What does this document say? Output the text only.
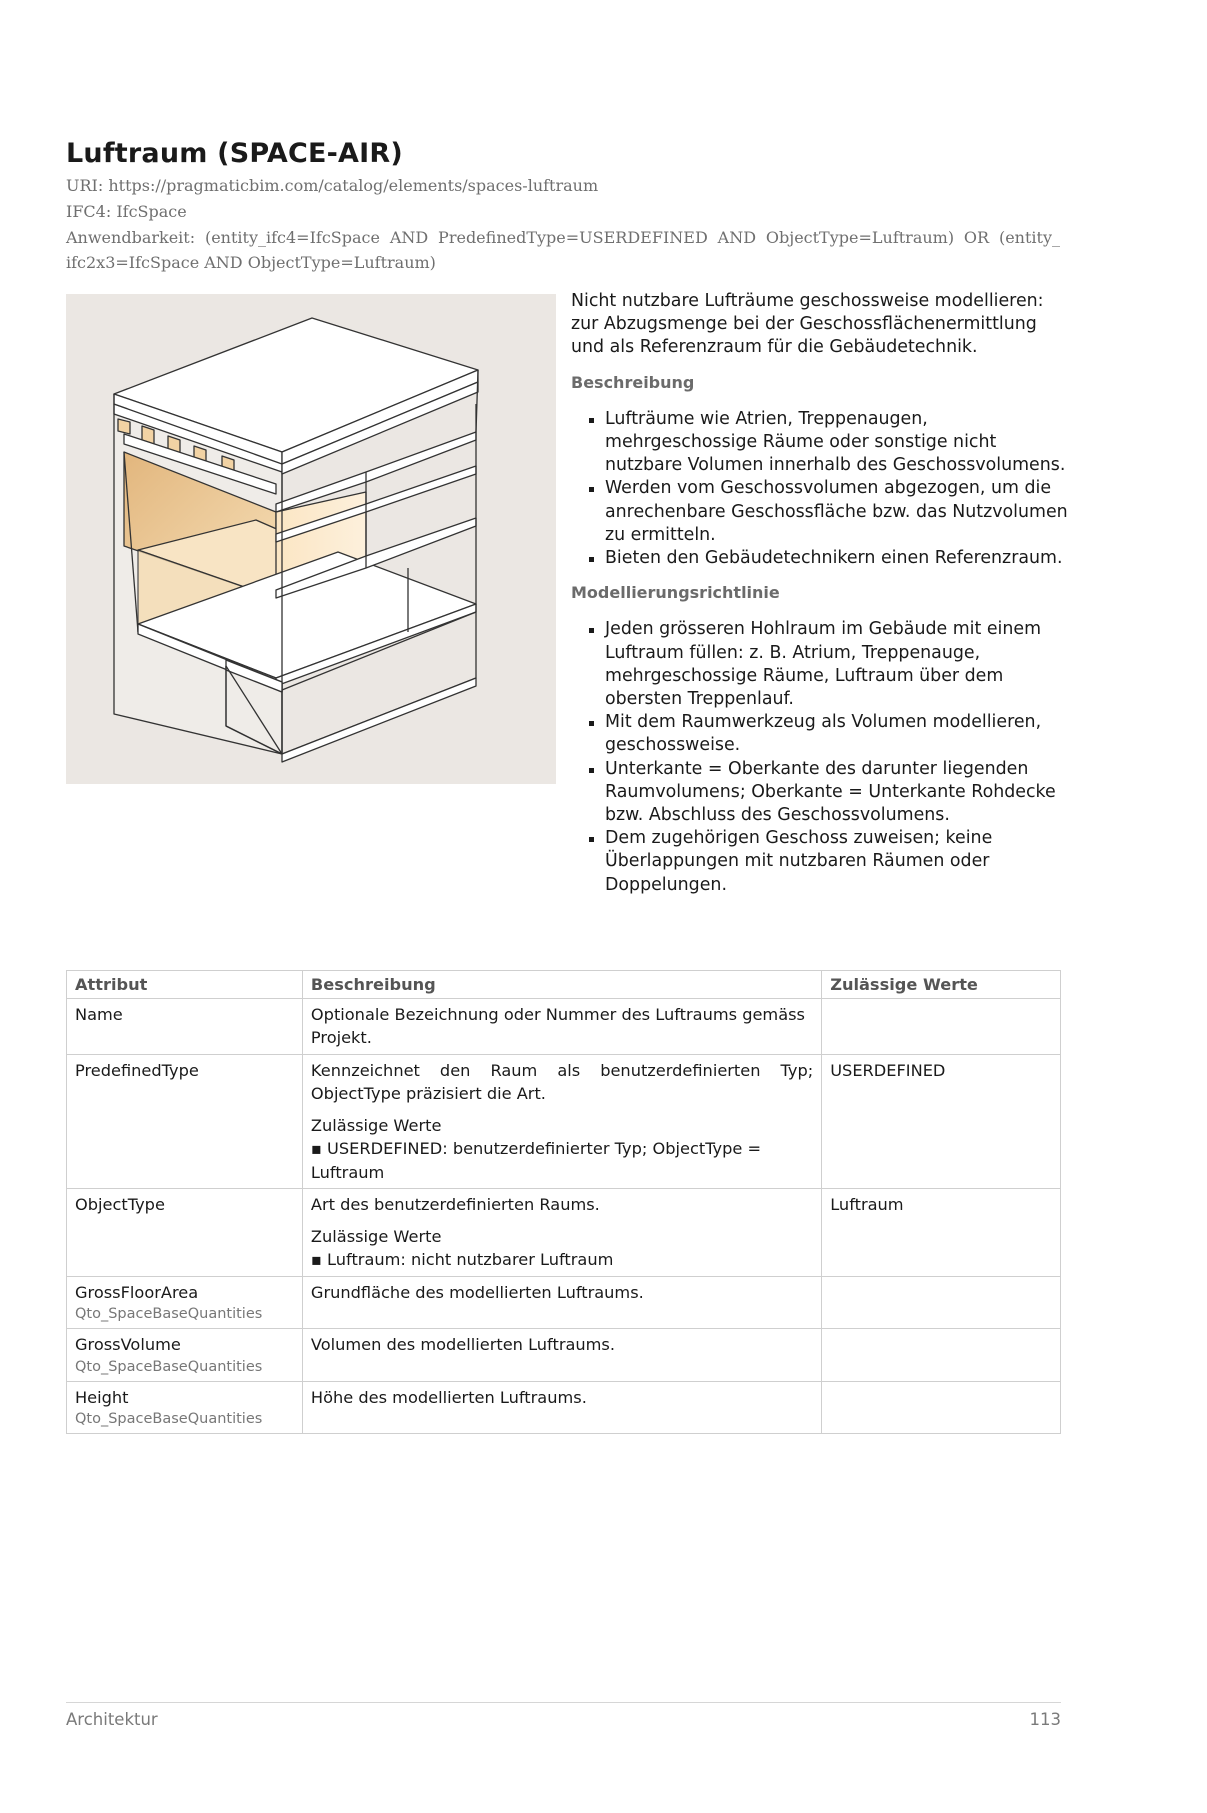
Luftraum (SPACE-AIR)
URI: https://pragmaticbim.com/catalog/elements/spaces-luftraum
IFC4: IfcSpace
Anwendbarkeit: (entity_ifc4=IfcSpace AND PredefinedType=USERDEFINED AND ObjectType=Luftraum) OR (entity_ ifc2x3=IfcSpace AND ObjectType=Luftraum)

Nicht nutzbare Lufträume geschossweise modellieren: zur Abzugsmenge bei der Geschossflächenermittlung und als Referenzraum für die Gebäudetechnik.

Beschreibung
Lufträume wie Atrien, Treppenaugen, mehrgeschossige Räume oder sonstige nicht nutzbare Volumen innerhalb des Geschossvolumens.
Werden vom Geschossvolumen abgezogen, um die anrechenbare Geschossfläche bzw. das Nutzvolumen zu ermitteln.
Bieten den Gebäudetechnikern einen Referenzraum.
Modellierungsrichtlinie
Jeden grösseren Hohlraum im Gebäude mit einem Luftraum füllen: z. B. Atrium, Treppenauge, mehrgeschossige Räume, Luftraum über dem obersten Treppenlauf.
Mit dem Raumwerkzeug als Volumen modellieren, geschossweise.
Unterkante = Oberkante des darunter liegenden Raumvolumens; Oberkante = Unterkante Rohdecke bzw. Abschluss des Geschossvolumens.
Dem zugehörigen Geschoss zuweisen; keine Überlappungen mit nutzbaren Räumen oder Doppelungen.
Attribut	Beschreibung	Zulässige Werte
Name	Optionale Bezeichnung oder Nummer des Luftraums gemäss Projekt.	
PredefinedType	Kennzeichnet den Raum als benutzerdefinierten Typ; ObjectType präzisiert die Art.
Zulässige Werte
▪ USERDEFINED: benutzerdefinierter Typ; ObjectType = Luftraum	USERDEFINED
ObjectType	Art des benutzerdefinierten Raums.
Zulässige Werte
▪ Luftraum: nicht nutzbarer Luftraum	Luftraum
GrossFloorArea
Qto_SpaceBaseQuantities	Grundfläche des modellierten Luftraums.	
GrossVolume
Qto_SpaceBaseQuantities	Volumen des modellierten Luftraums.	
Height
Qto_SpaceBaseQuantities	Höhe des modellierten Luftraums.	
Architektur	113
